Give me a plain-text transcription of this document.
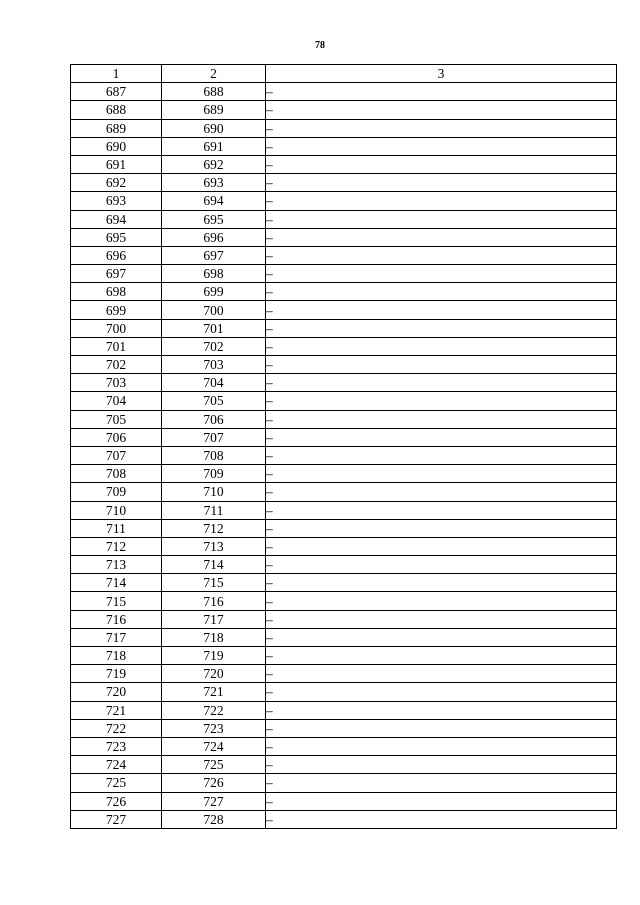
78
1	2	3
687	688	–
688	689	–
689	690	–
690	691	–
691	692	–
692	693	–
693	694	–
694	695	–
695	696	–
696	697	–
697	698	–
698	699	–
699	700	–
700	701	–
701	702	–
702	703	–
703	704	–
704	705	–
705	706	–
706	707	–
707	708	–
708	709	–
709	710	–
710	711	–
711	712	–
712	713	–
713	714	–
714	715	–
715	716	–
716	717	–
717	718	–
718	719	–
719	720	–
720	721	–
721	722	–
722	723	–
723	724	–
724	725	–
725	726	–
726	727	–
727	728	–
